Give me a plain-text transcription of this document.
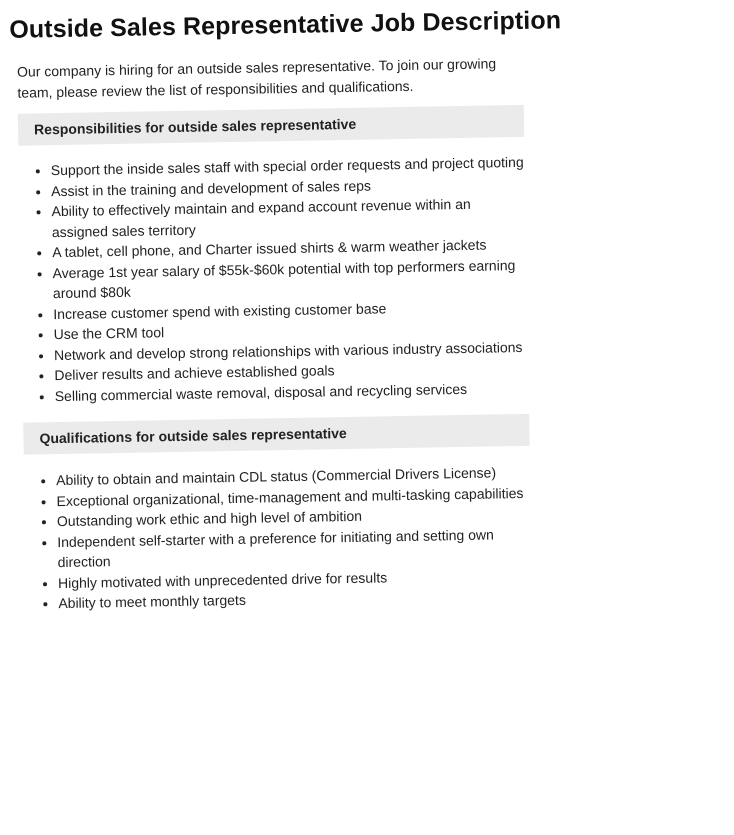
Outside Sales Representative Job Description

Our company is hiring for an outside sales representative. To join our growing team, please review the list of responsibilities and qualifications.

Responsibilities for outside sales representative
• Support the inside sales staff with special order requests and project quoting
• Assist in the training and development of sales reps
• Ability to effectively maintain and expand account revenue within an assigned sales territory
• A tablet, cell phone, and Charter issued shirts & warm weather jackets
• Average 1st year salary of $55k-$60k potential with top performers earning around $80k
• Increase customer spend with existing customer base
• Use the CRM tool
• Network and develop strong relationships with various industry associations
• Deliver results and achieve established goals
• Selling commercial waste removal, disposal and recycling services
Qualifications for outside sales representative
• Ability to obtain and maintain CDL status (Commercial Drivers License)
• Exceptional organizational, time-management and multi-tasking capabilities
• Outstanding work ethic and high level of ambition
• Independent self-starter with a preference for initiating and setting own direction
• Highly motivated with unprecedented drive for results
• Ability to meet monthly targets
